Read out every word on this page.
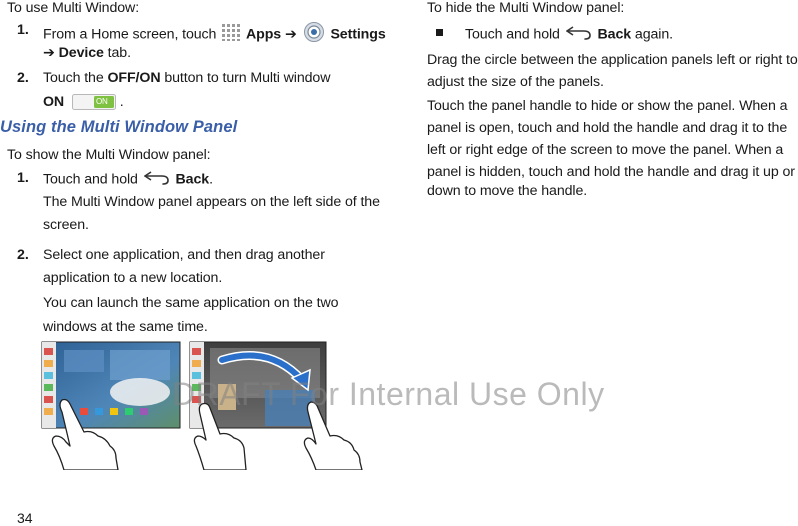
To use Multi Window:
1. From a Home screen, touch Apps ➔ Settings
➔ Device tab.
2. Touch the OFF/ON button to turn Multi window
ON	ON .
Using the Multi Window Panel
To show the Multi Window panel:
1. Touch and hold	Back.
The Multi Window panel appears on the left side of the
screen.
2. Select one application, and then drag another
application to a new location.
You can launch the same application on the two
windows at the same time.
To hide the Multi Window panel:
Touch and hold	Back again.
Drag the circle between the application panels left or right to
adjust the size of the panels.
Touch the panel handle to hide or show the panel. When a
panel is open, touch and hold the handle and drag it to the
left or right edge of the screen to move the panel. When a
panel is hidden, touch and hold the handle and drag it up or
down to move the handle.
DRAFT For Internal Use Only
34
